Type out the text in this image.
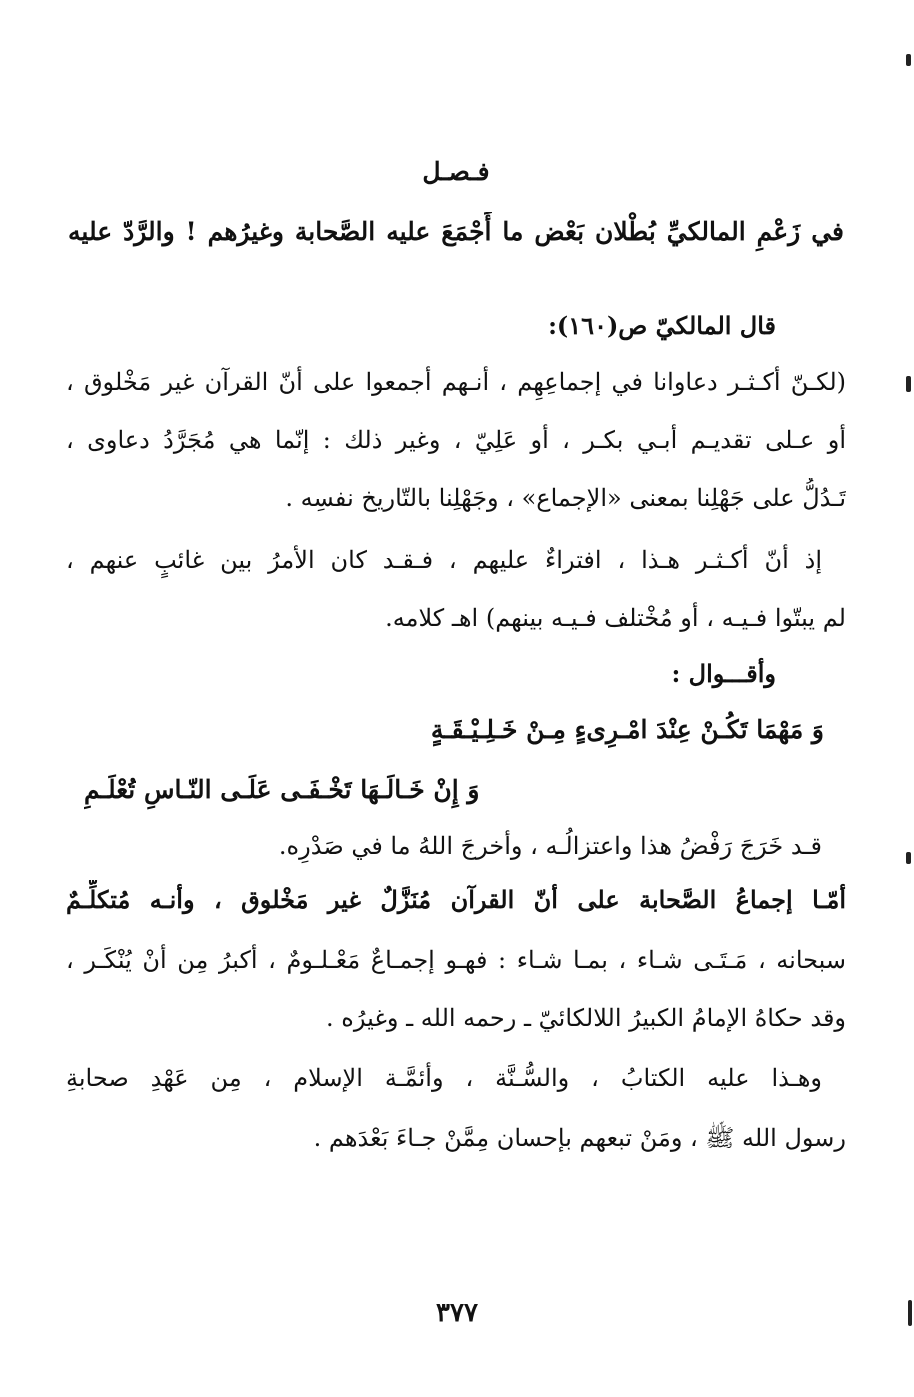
فـصـل
في زَعْمِ المالكيِّ بُطْلان بَعْض ما أَجْمَعَ عليه الصَّحابة وغيرُهم ! والرَّدّ عليه
قال المالكيّ ص(١٦٠):
(لكـنّ أكـثـر دعاوانا في إجماعِهِم ، أنـهم أجمعوا على أنّ القرآن غير مَخْلوق ،
أو عـلى تقديـم أبـي بكـر ، أو عَلِيّ ، وغير ذلك : إنّما هي مُجَرَّدُ دعاوى ،
تَـدُلُّ على جَهْلِنا بمعنى «الإجماع» ، وجَهْلِنا بالتّاريخ نفسِه .
إذ أنّ أكـثـر هـذا ، افتراءٌ عليهم ، فـقـد كان الأمرُ بين غائبٍ عنهم ،
لم يبتّوا فـيـه ، أو مُخْتلف فـيـه بينهم) اهـ كلامه.
وأقـــوال :
وَ مَهْمَا تَكُـنْ عِنْدَ امْـرِىءٍ مِـنْ خَـلِـيْـقَـةٍ
وَ إِنْ خَـالَـهَا تَخْـفَـى عَلَـى النّـاسِ تُعْلَـمِ
قـد خَرَجَ رَفْضُ هذا واعتزالُـه ، وأخرجَ اللهُ ما في صَدْرِه.
أمّـا إجماعُ الصَّحابة على أنّ القرآن مُنَزَّلٌ غير مَخْلوق ، وأنـه مُتكلِّـمٌ
سبحانه ، مَـتَـى شـاء ، بمـا شـاء : فهـو إجمـاعٌ مَعْـلـومٌ ، أكبرُ مِن أنْ يُنْكَـر ،
وقد حكاهُ الإمامُ الكبيرُ اللالكائيّ ـ رحمه الله ـ وغيرُه .
وهـذا عليه الكتابُ ، والسُّـنَّة ، وأئمَّـة الإسلام ، مِن عَهْدِ صحابةِ
رسول الله ﷺ ، ومَنْ تبعهم بإحسان مِمَّنْ جـاءَ بَعْدَهم .
٣٧٧
